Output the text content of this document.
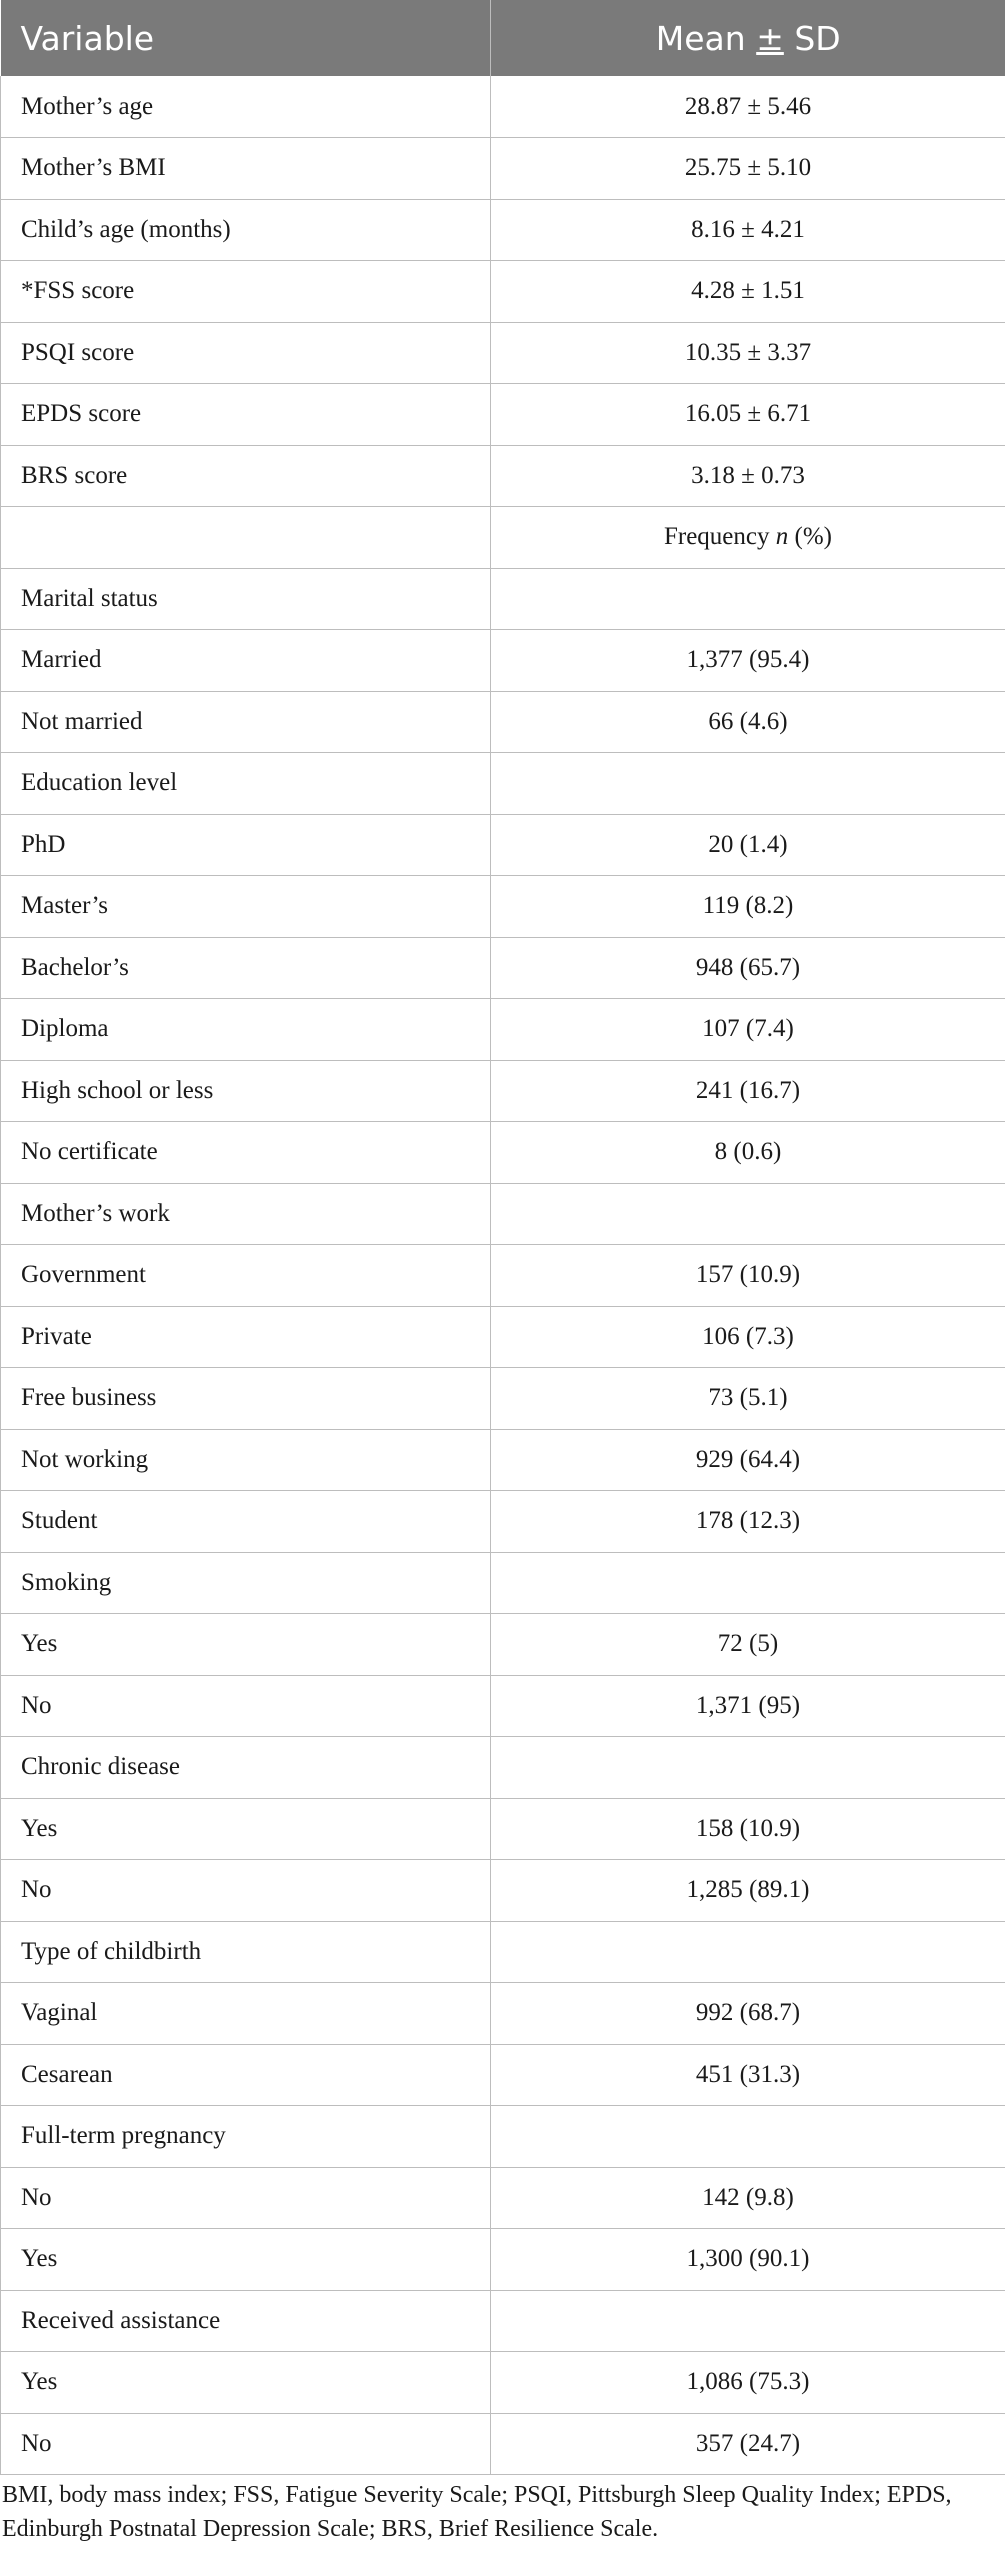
Variable	Mean ± SD
Mother’s age	28.87 ± 5.46
Mother’s BMI	25.75 ± 5.10
Child’s age (months)	8.16 ± 4.21
*FSS score	4.28 ± 1.51
PSQI score	10.35 ± 3.37
EPDS score	16.05 ± 6.71
BRS score	3.18 ± 0.73
	Frequency n (%)
Marital status	
Married	1,377 (95.4)
Not married	66 (4.6)
Education level	
PhD	20 (1.4)
Master’s	119 (8.2)
Bachelor’s	948 (65.7)
Diploma	107 (7.4)
High school or less	241 (16.7)
No certificate	8 (0.6)
Mother’s work	
Government	157 (10.9)
Private	106 (7.3)
Free business	73 (5.1)
Not working	929 (64.4)
Student	178 (12.3)
Smoking	
Yes	72 (5)
No	1,371 (95)
Chronic disease	
Yes	158 (10.9)
No	1,285 (89.1)
Type of childbirth	
Vaginal	992 (68.7)
Cesarean	451 (31.3)
Full-term pregnancy	
No	142 (9.8)
Yes	1,300 (90.1)
Received assistance	
Yes	1,086 (75.3)
No	357 (24.7)
BMI, body mass index; FSS, Fatigue Severity Scale; PSQI, Pittsburgh Sleep Quality Index; EPDS, Edinburgh Postnatal Depression Scale; BRS, Brief Resilience Scale.
